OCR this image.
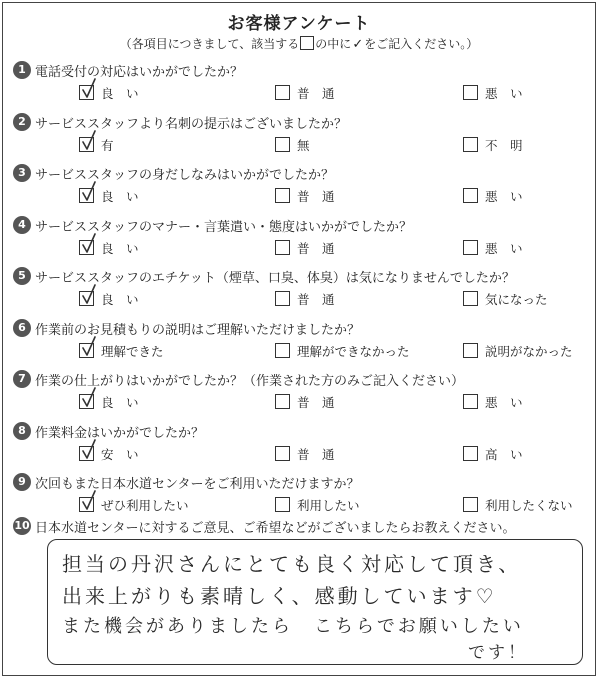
お客様アンケート
（各項目につきまして、該当する の中に✓をご記入ください。）
1 電話受付の対応はいかがでしたか？
良　い	普　通	悪　い
2 サービススタッフより名刺の提示はございましたか？
有	無	不　明
3 サービススタッフの身だしなみはいかがでしたか？
良　い	普　通	悪　い
4 サービススタッフのマナー・言葉遣い・態度はいかがでしたか？
良　い	普　通	悪　い
5 サービススタッフのエチケット（煙草、口臭、体臭）は気になりませんでしたか？
良　い	普　通	気になった
6 作業前のお見積もりの説明はご理解いただけましたか？
理解できた	理解ができなかった	説明がなかった
7 作業の仕上がりはいかがでしたか？（作業された方のみご記入ください）
良　い	普　通	悪　い
8 作業料金はいかがでしたか？
安　い	普　通	高　い
9 次回もまた日本水道センターをご利用いただけますか？
ぜひ利用したい	利用したい	利用したくない
10 日本水道センターに対するご意見、ご希望などがございましたらお教えください。
担当の丹沢さんにとても良く対応して頂き、
出来上がりも素晴しく、感動しています♡
また機会がありましたら　こちらでお願いしたい
です！
